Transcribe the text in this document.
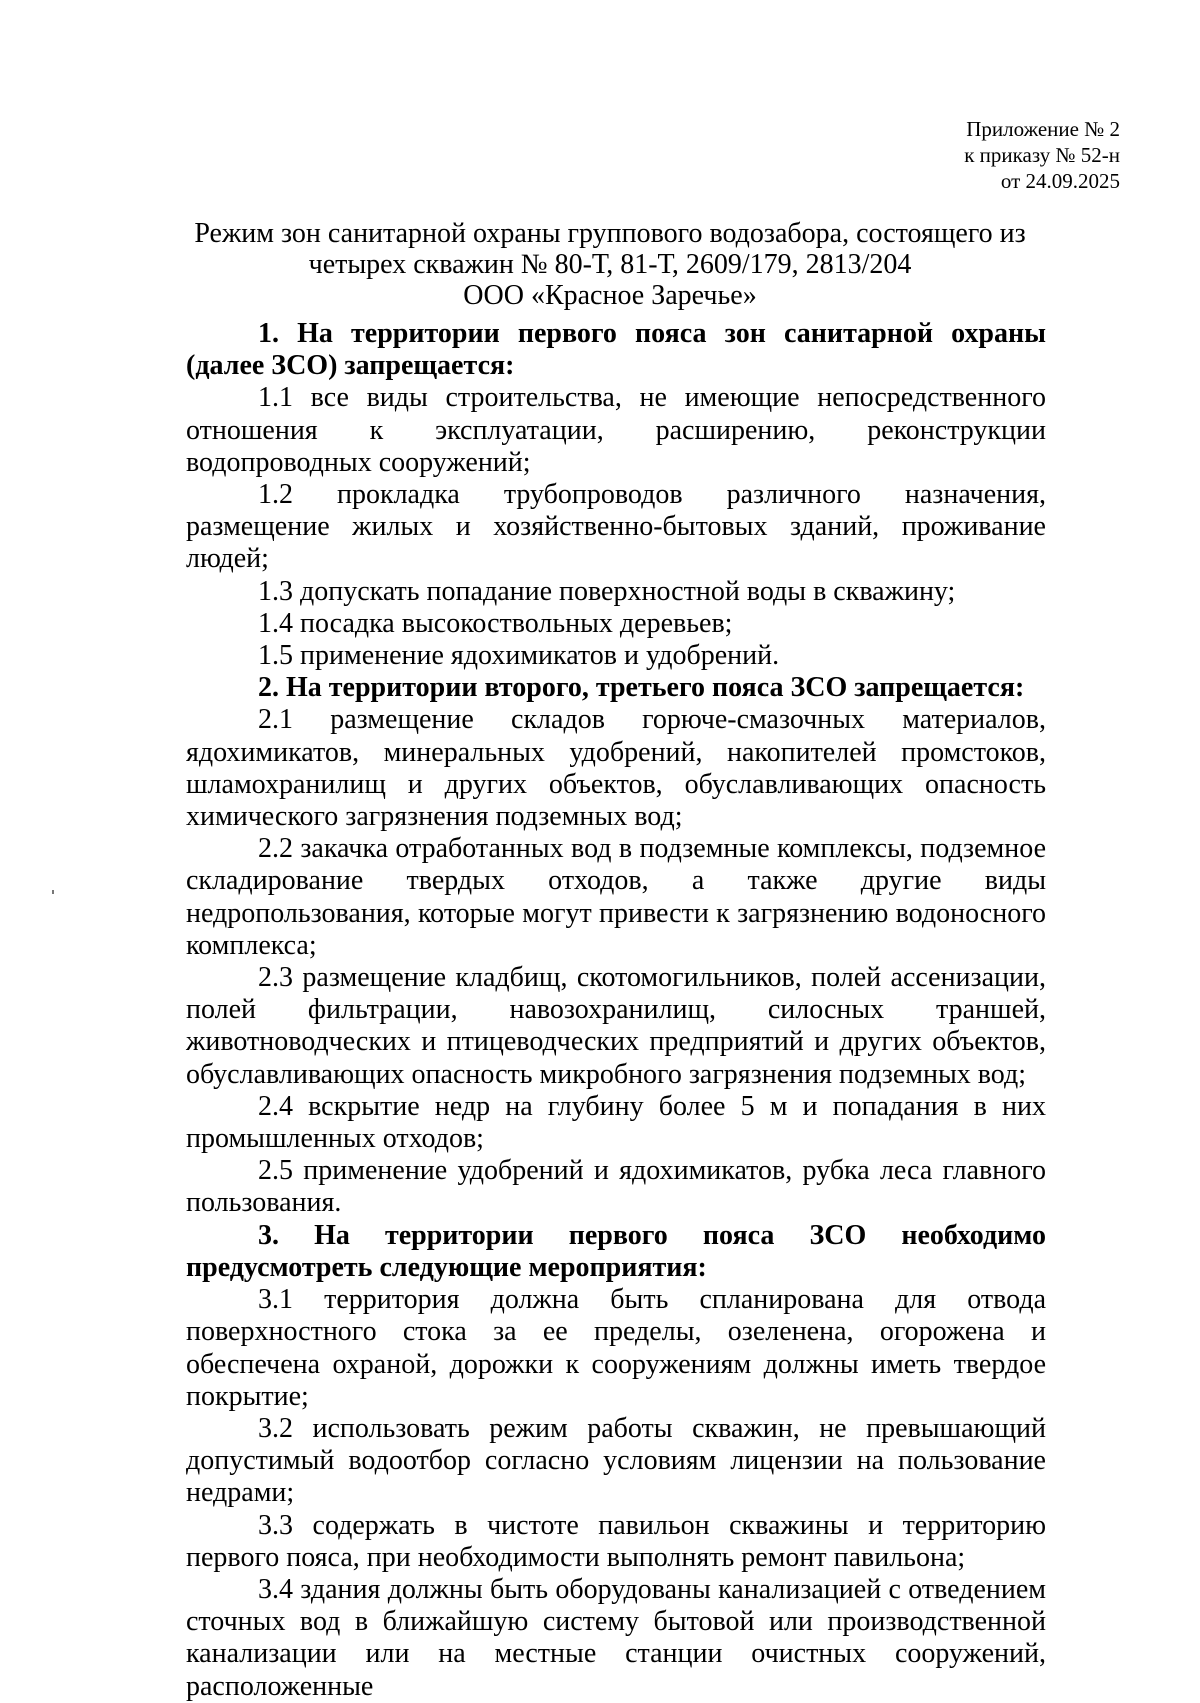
Приложение № 2
к приказу № 52-н
от 24.09.2025
Режим зон санитарной охраны группового водозабора, состоящего из
четырех скважин № 80-Т, 81-Т, 2609/179, 2813/204
ООО «Красное Заречье»

1. На территории первого пояса зон санитарной охраны (далее ЗСО) запрещается:

1.1 все виды строительства, не имеющие непосредственного отношения к эксплуатации, расширению, реконструкции водопроводных сооружений;

1.2 прокладка трубопроводов различного назначения, размещение жилых и хозяйственно-бытовых зданий, проживание людей;

1.3 допускать попадание поверхностной воды в скважину;

1.4 посадка высокоствольных деревьев;

1.5 применение ядохимикатов и удобрений.

2. На территории второго, третьего пояса ЗСО запрещается:

2.1 размещение складов горюче-смазочных материалов, ядохимикатов, минеральных удобрений, накопителей промстоков, шламохранилищ и других объектов, обуславливающих опасность химического загрязнения подземных вод;

2.2 закачка отработанных вод в подземные комплексы, подземное складирование твердых отходов, а также другие виды недропользования, которые могут привести к загрязнению водоносного комплекса;

2.3 размещение кладбищ, скотомогильников, полей ассенизации, полей фильтрации, навозохранилищ, силосных траншей, животноводческих и птицеводческих предприятий и других объектов, обуславливающих опасность микробного загрязнения подземных вод;

2.4 вскрытие недр на глубину более 5 м и попадания в них промышленных отходов;

2.5 применение удобрений и ядохимикатов, рубка леса главного пользования.

3. На территории первого пояса ЗСО необходимо предусмотреть следующие мероприятия:

3.1 территория должна быть спланирована для отвода поверхностного стока за ее пределы, озеленена, огорожена и обеспечена охраной, дорожки к сооружениям должны иметь твердое покрытие;

3.2 использовать режим работы скважин, не превышающий допустимый водоотбор согласно условиям лицензии на пользование недрами;

3.3 содержать в чистоте павильон скважины и территорию первого пояса, при необходимости выполнять ремонт павильона;

3.4 здания должны быть оборудованы канализацией с отведением сточных вод в ближайшую систему бытовой или производственной канализации или на местные станции очистных сооружений, расположенные
